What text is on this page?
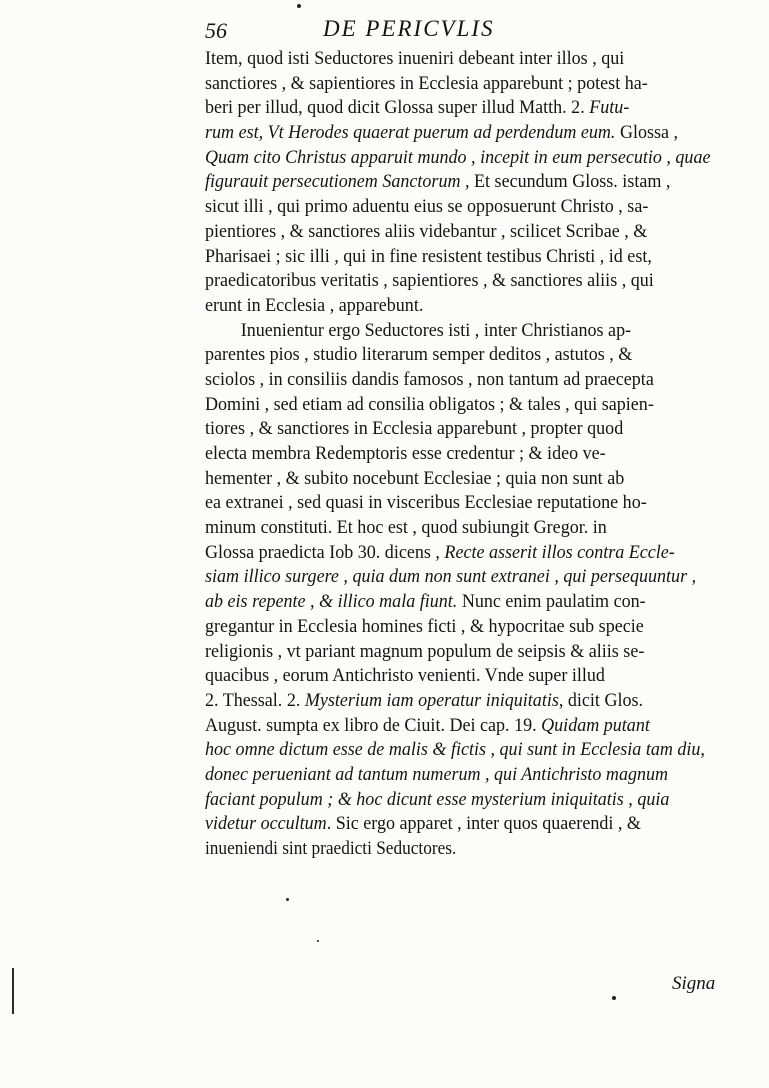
56	DE PERICVLIS
Item, quod isti Seductores inueniri debeant inter illos , qui
sanctiores , & sapientiores in Ecclesia apparebunt ; potest ha-
beri per illud, quod dicit Glossa super illud Matth. 2. Futu-
rum est, Vt Herodes quaerat puerum ad perdendum eum. Glossa ,
Quam cito Christus apparuit mundo , incepit in eum persecutio , quae
figurauit persecutionem Sanctorum , Et secundum Gloss. istam ,
sicut illi , qui primo aduentu eius se opposuerunt Christo , sa-
pientiores , & sanctiores aliis videbantur , scilicet Scribae , &
Pharisaei ; sic illi , qui in fine resistent testibus Christi , id est,
praedicatoribus veritatis , sapientiores , & sanctiores aliis , qui
erunt in Ecclesia , apparebunt.
Inuenientur ergo Seductores isti , inter Christianos ap-
parentes pios , studio literarum semper deditos , astutos , &
sciolos , in consiliis dandis famosos , non tantum ad praecepta
Domini , sed etiam ad consilia obligatos ; & tales , qui sapien-
tiores , & sanctiores in Ecclesia apparebunt , propter quod
electa membra Redemptoris esse credentur ; & ideo ve-
hementer , & subito nocebunt Ecclesiae ; quia non sunt ab
ea extranei , sed quasi in visceribus Ecclesiae reputatione ho-
minum constituti. Et hoc est , quod subiungit Gregor. in
Glossa praedicta Iob 30. dicens , Recte asserit illos contra Eccle-
siam illico surgere , quia dum non sunt extranei , qui persequuntur ,
ab eis repente , & illico mala fiunt. Nunc enim paulatim con-
gregantur in Ecclesia homines ficti , & hypocritae sub specie
religionis , vt pariant magnum populum de seipsis & aliis se-
quacibus , eorum Antichristo venienti. Vnde super illud
2. Thessal. 2. Mysterium iam operatur iniquitatis, dicit Glos.
August. sumpta ex libro de Ciuit. Dei cap. 19. Quidam putant
hoc omne dictum esse de malis & fictis , qui sunt in Ecclesia tam diu,
donec perueniant ad tantum numerum , qui Antichristo magnum
faciant populum ; & hoc dicunt esse mysterium iniquitatis , quia
videtur occultum. Sic ergo apparet , inter quos quaerendi , &
inueniendi sint praedicti Seductores.
Signa
